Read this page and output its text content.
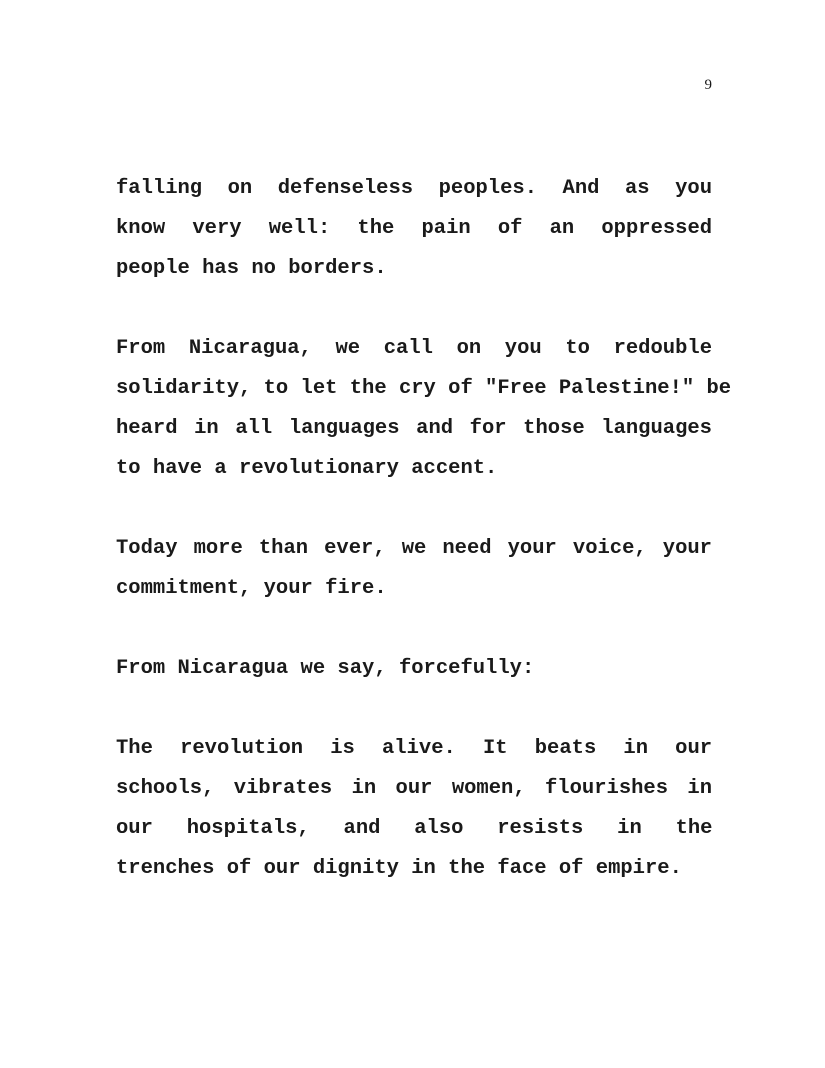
9
falling on defenseless peoples. And as you
know very well: the pain of an oppressed
people has no borders.
From Nicaragua, we call on you to redouble
solidarity, to let the cry of "Free Palestine!" be
heard in all languages and for those languages
to have a revolutionary accent.
Today more than ever, we need your voice, your
commitment, your fire.
From Nicaragua we say, forcefully:
The revolution is alive. It beats in our
schools, vibrates in our women, flourishes in
our hospitals, and also resists in the
trenches of our dignity in the face of empire.
